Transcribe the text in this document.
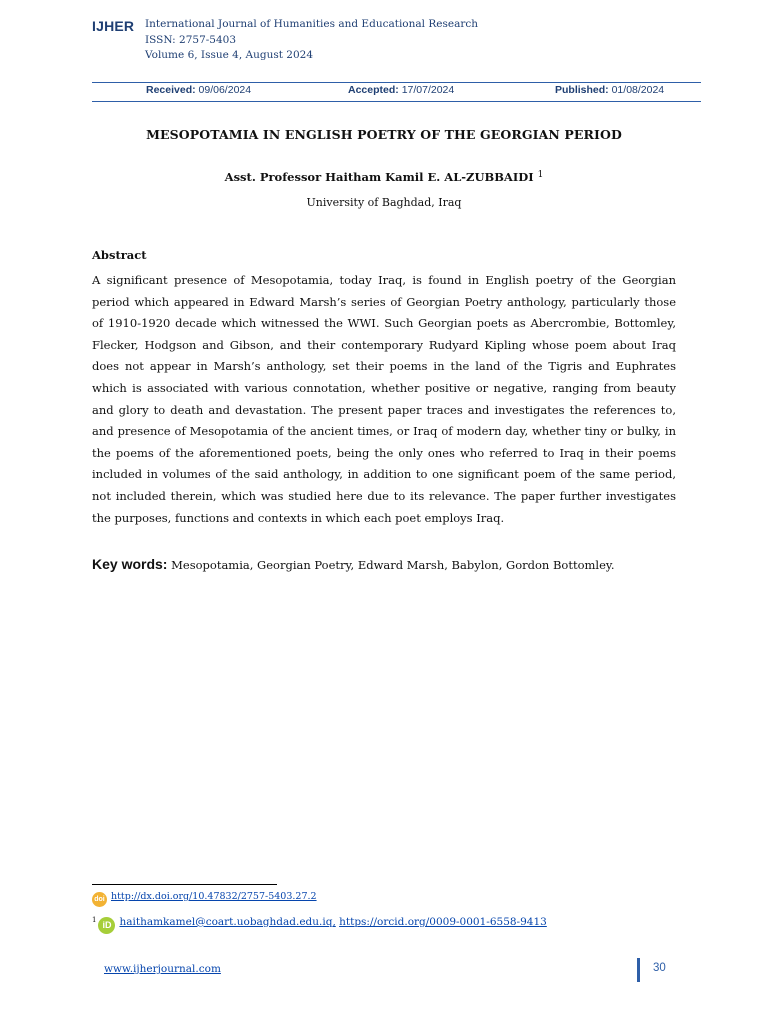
IJHER International Journal of Humanities and Educational Research
ISSN: 2757-5403
Volume 6, Issue 4, August 2024
Received: 09/06/2024	Accepted: 17/07/2024	Published: 01/08/2024
MESOPOTAMIA IN ENGLISH POETRY OF THE GEORGIAN PERIOD
Asst. Professor Haitham Kamil E. AL-ZUBBAIDI $^1$
University of Baghdad, Iraq
Abstract
A significant presence of Mesopotamia, today Iraq, is found in English poetry of the Georgian period which appeared in Edward Marsh’s series of Georgian Poetry anthology, particularly those of 1910-1920 decade which witnessed the WWI. Such Georgian poets as Abercrombie, Bottomley, Flecker, Hodgson and Gibson, and their contemporary Rudyard Kipling whose poem about Iraq does not appear in Marsh’s anthology, set their poems in the land of the Tigris and Euphrates which is associated with various connotation, whether positive or negative, ranging from beauty and glory to death and devastation. The present paper traces and investigates the references to, and presence of Mesopotamia of the ancient times, or Iraq of modern day, whether tiny or bulky, in the poems of the aforementioned poets, being the only ones who referred to Iraq in their poems included in volumes of the said anthology, in addition to one significant poem of the same period, not included therein, which was studied here due to its relevance. The paper further investigates the purposes, functions and contexts in which each poet employs Iraq.
Key words: Mesopotamia, Georgian Poetry, Edward Marsh, Babylon, Gordon Bottomley.
doi http://dx.doi.org/10.47832/2757-5403.27.2
$^1$ iD haithamkamel@coart.uobaghdad.edu.iq, https://orcid.org/0009-0001-6558-9413
www.ijherjournal.com	30
